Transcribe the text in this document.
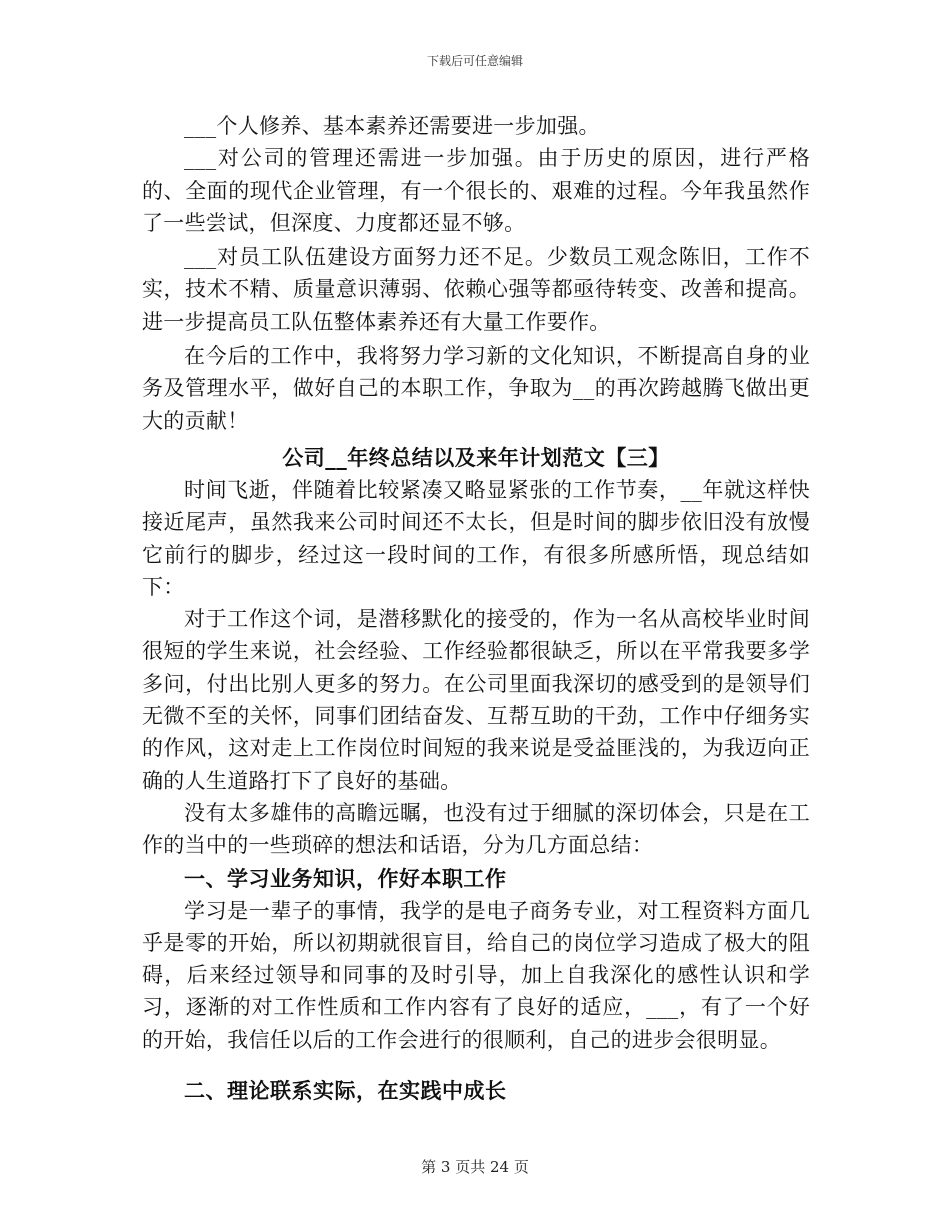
下载后可任意编辑

___个人修养、基本素养还需要进一步加强。

___对公司的管理还需进一步加强。由于历史的原因，进行严格的、全面的现代企业管理，有一个很长的、艰难的过程。今年我虽然作了一些尝试，但深度、力度都还显不够。

___对员工队伍建设方面努力还不足。少数员工观念陈旧，工作不实，技术不精、质量意识薄弱、依赖心强等都亟待转变、改善和提高。进一步提高员工队伍整体素养还有大量工作要作。

在今后的工作中，我将努力学习新的文化知识，不断提高自身的业务及管理水平，做好自己的本职工作，争取为__的再次跨越腾飞做出更大的贡献！

公司__年终总结以及来年计划范文【三】

时间飞逝，伴随着比较紧凑又略显紧张的工作节奏，__年就这样快接近尾声，虽然我来公司时间还不太长，但是时间的脚步依旧没有放慢它前行的脚步，经过这一段时间的工作，有很多所感所悟，现总结如下：

对于工作这个词，是潜移默化的接受的，作为一名从高校毕业时间很短的学生来说，社会经验、工作经验都很缺乏，所以在平常我要多学多问，付出比别人更多的努力。在公司里面我深切的感受到的是领导们无微不至的关怀，同事们团结奋发、互帮互助的干劲，工作中仔细务实的作风，这对走上工作岗位时间短的我来说是受益匪浅的，为我迈向正确的人生道路打下了良好的基础。

没有太多雄伟的高瞻远瞩，也没有过于细腻的深切体会，只是在工作的当中的一些琐碎的想法和话语，分为几方面总结：

一、学习业务知识，作好本职工作

学习是一辈子的事情，我学的是电子商务专业，对工程资料方面几乎是零的开始，所以初期就很盲目，给自己的岗位学习造成了极大的阻碍，后来经过领导和同事的及时引导，加上自我深化的感性认识和学习，逐渐的对工作性质和工作内容有了良好的适应，___，有了一个好的开始，我信任以后的工作会进行的很顺利，自己的进步会很明显。

二、理论联系实际，在实践中成长
第 3 页共 24 页
